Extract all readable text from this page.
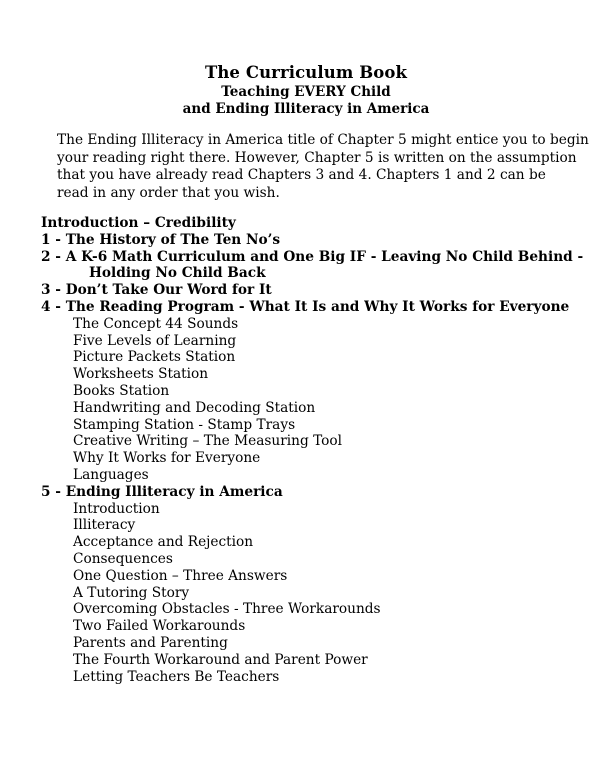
The Curriculum Book
Teaching EVERY Child
and Ending Illiteracy in America
The Ending Illiteracy in America title of Chapter 5 might entice you to begin
your reading right there. However, Chapter 5 is written on the assumption
that you have already read Chapters 3 and 4. Chapters 1 and 2 can be
read in any order that you wish.
Introduction – Credibility
1 - The History of The Ten No’s
2 - A K-6 Math Curriculum and One Big IF - Leaving No Child Behind -
Holding No Child Back
3 - Don’t Take Our Word for It
4 - The Reading Program - What It Is and Why It Works for Everyone
The Concept 44 Sounds
Five Levels of Learning
Picture Packets Station
Worksheets Station
Books Station
Handwriting and Decoding Station
Stamping Station - Stamp Trays
Creative Writing – The Measuring Tool
Why It Works for Everyone
Languages
5 - Ending Illiteracy in America
Introduction
Illiteracy
Acceptance and Rejection
Consequences
One Question – Three Answers
A Tutoring Story
Overcoming Obstacles - Three Workarounds
Two Failed Workarounds
Parents and Parenting
The Fourth Workaround and Parent Power
Letting Teachers Be Teachers
